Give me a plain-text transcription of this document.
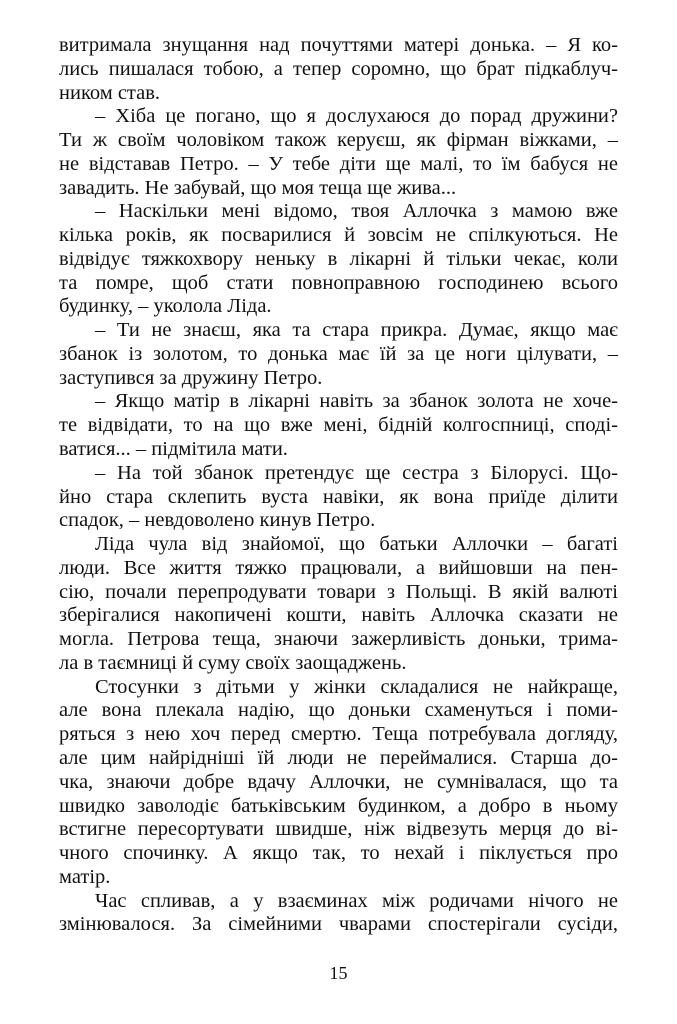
витримала знущання над почуттями матері донька. – Я ко-
лись пишалася тобою, а тепер соромно, що брат підкаблуч-
ником став.
– Хіба це погано, що я дослухаюся до порад дружини?
Ти ж своїм чоловіком також керуєш, як фірман віжками, –
не відставав Петро. – У тебе діти ще малі, то їм бабуся не
завадить. Не забувай, що моя теща ще жива...
– Наскільки мені відомо, твоя Аллочка з мамою вже
кілька років, як посварилися й зовсім не спілкуються. Не
відвідує тяжкохвору неньку в лікарні й тільки чекає, коли
та помре, щоб стати повноправною господинею всього
будинку, – уколола Ліда.
– Ти не знаєш, яка та стара прикра. Думає, якщо має
збанок із золотом, то донька має їй за це ноги цілувати, –
заступився за дружину Петро.
– Якщо матір в лікарні навіть за збанок золота не хоче-
те відвідати, то на що вже мені, бідній колгоспниці, споді-
ватися... – підмітила мати.
– На той збанок претендує ще сестра з Білорусі. Що-
йно стара склепить вуста навіки, як вона приїде ділити
спадок, – невдоволено кинув Петро.
Ліда чула від знайомої, що батьки Аллочки – багаті
люди. Все життя тяжко працювали, а вийшовши на пен-
сію, почали перепродувати товари з Польщі. В якій валюті
зберігалися накопичені кошти, навіть Аллочка сказати не
могла. Петрова теща, знаючи зажерливість доньки, трима-
ла в таємниці й суму своїх заощаджень.
Стосунки з дітьми у жінки складалися не найкраще,
але вона плекала надію, що доньки схаменуться і поми-
ряться з нею хоч перед смертю. Теща потребувала догляду,
але цим найріднішi їй люди не переймалися. Старша до-
чка, знаючи добре вдачу Аллочки, не сумнівалася, що та
швидко заволодіє батьківським будинком, а добро в ньому
встигне пересортувати швидше, ніж відвезуть мерця до ві-
чного спочинку. А якщо так, то нехай і піклується про
матір.
Час спливав, а у взаєминах між родичами нічого не
змінювалося. За сімейними чварами спостерігали сусіди,
15
